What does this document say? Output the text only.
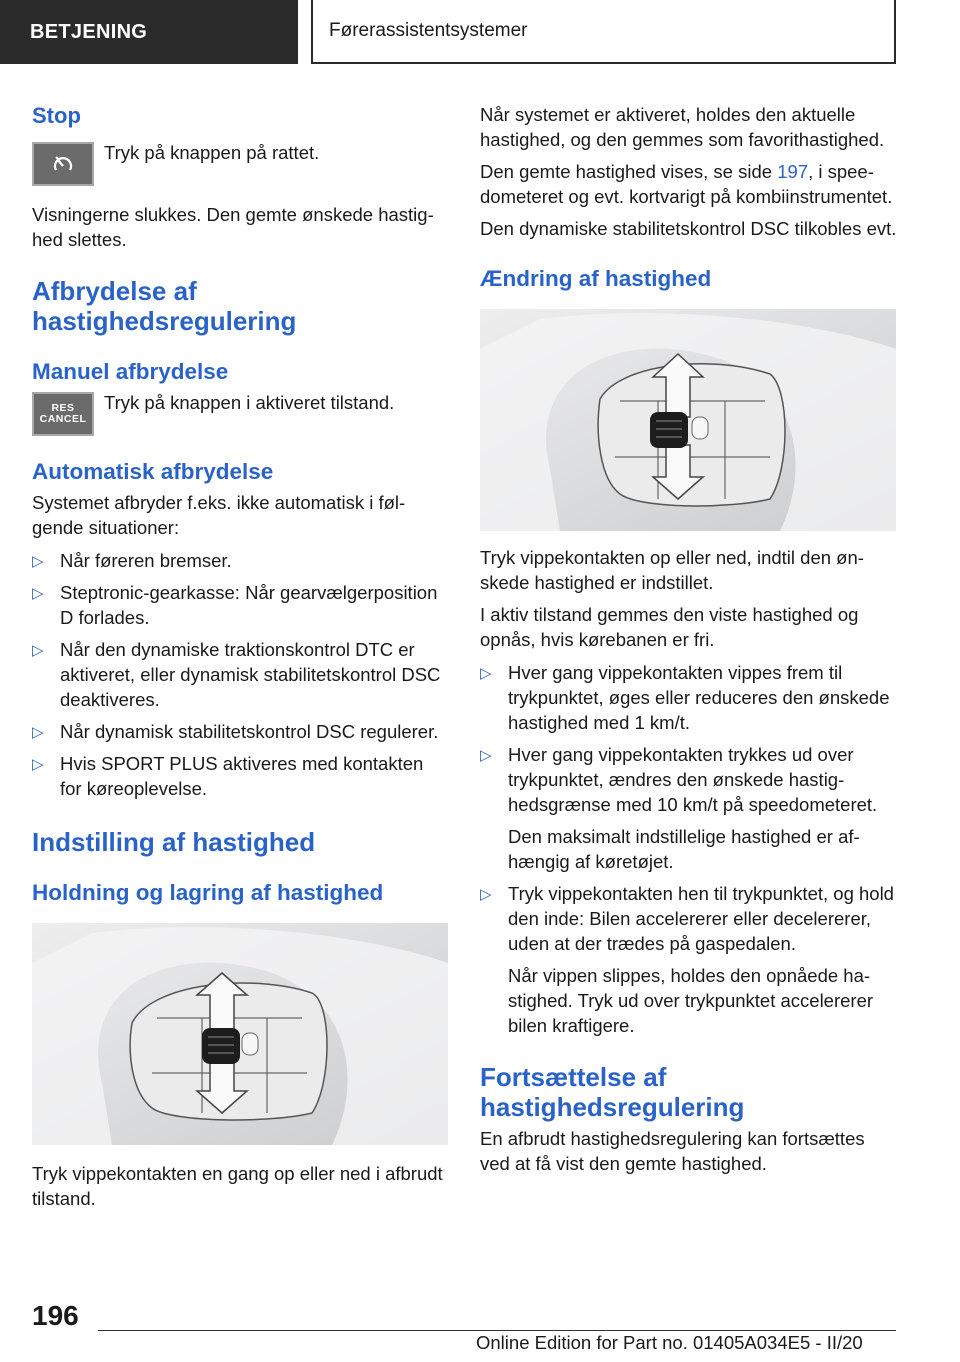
BETJENING	Førerassistentsystemer
Stop

Tryk på knappen på rattet.

Visningerne slukkes. Den gemte ønskede hastighed slettes.

Afbrydelse af hastighedsregulering
Manuel afbrydelse
RES
CANCEL

Tryk på knappen i aktiveret tilstand.

Automatisk afbrydelse

Systemet afbryder f.eks. ikke automatisk i følgende situationer:

▷ Når føreren bremser.
▷ Steptronic-gearkasse: Når gearvælgerposition D forlades.
▷ Når den dynamiske traktionskontrol DTC er aktiveret, eller dynamisk stabilitetskontrol DSC deaktiveres.
▷ Når dynamisk stabilitetskontrol DSC regulerer.
▷ Hvis SPORT PLUS aktiveres med kontakten for køreoplevelse.
Indstilling af hastighed
Holdning og lagring af hastighed

Tryk vippekontakten en gang op eller ned i afbrudt tilstand.

Når systemet er aktiveret, holdes den aktuelle hastighed, og den gemmes som favorithastighed.

Den gemte hastighed vises, se side 197, i speedometeret og evt. kortvarigt på kombiinstrumentet.

Den dynamiske stabilitetskontrol DSC tilkobles evt.

Ændring af hastighed

Tryk vippekontakten op eller ned, indtil den ønskede hastighed er indstillet.

I aktiv tilstand gemmes den viste hastighed og opnås, hvis kørebanen er fri.

▷ Hver gang vippekontakten vippes frem til trykpunktet, øges eller reduceres den ønskede hastighed med 1 km/t.
▷ Hver gang vippekontakten trykkes ud over trykpunktet, ændres den ønskede hastighedsgrænse med 10 km/t på speedometeret.
Den maksimalt indstillelige hastighed er afhængig af køretøjet.
▷ Tryk vippekontakten hen til trykpunktet, og hold den inde: Bilen accelererer eller decelererer, uden at der trædes på gaspedalen.
Når vippen slippes, holdes den opnåede hastighed. Tryk ud over trykpunktet accelererer bilen kraftigere.
Fortsættelse af hastighedsregulering

En afbrudt hastighedsregulering kan fortsættes ved at få vist den gemte hastighed.

196
Online Edition for Part no. 01405A034E5 - II/20
